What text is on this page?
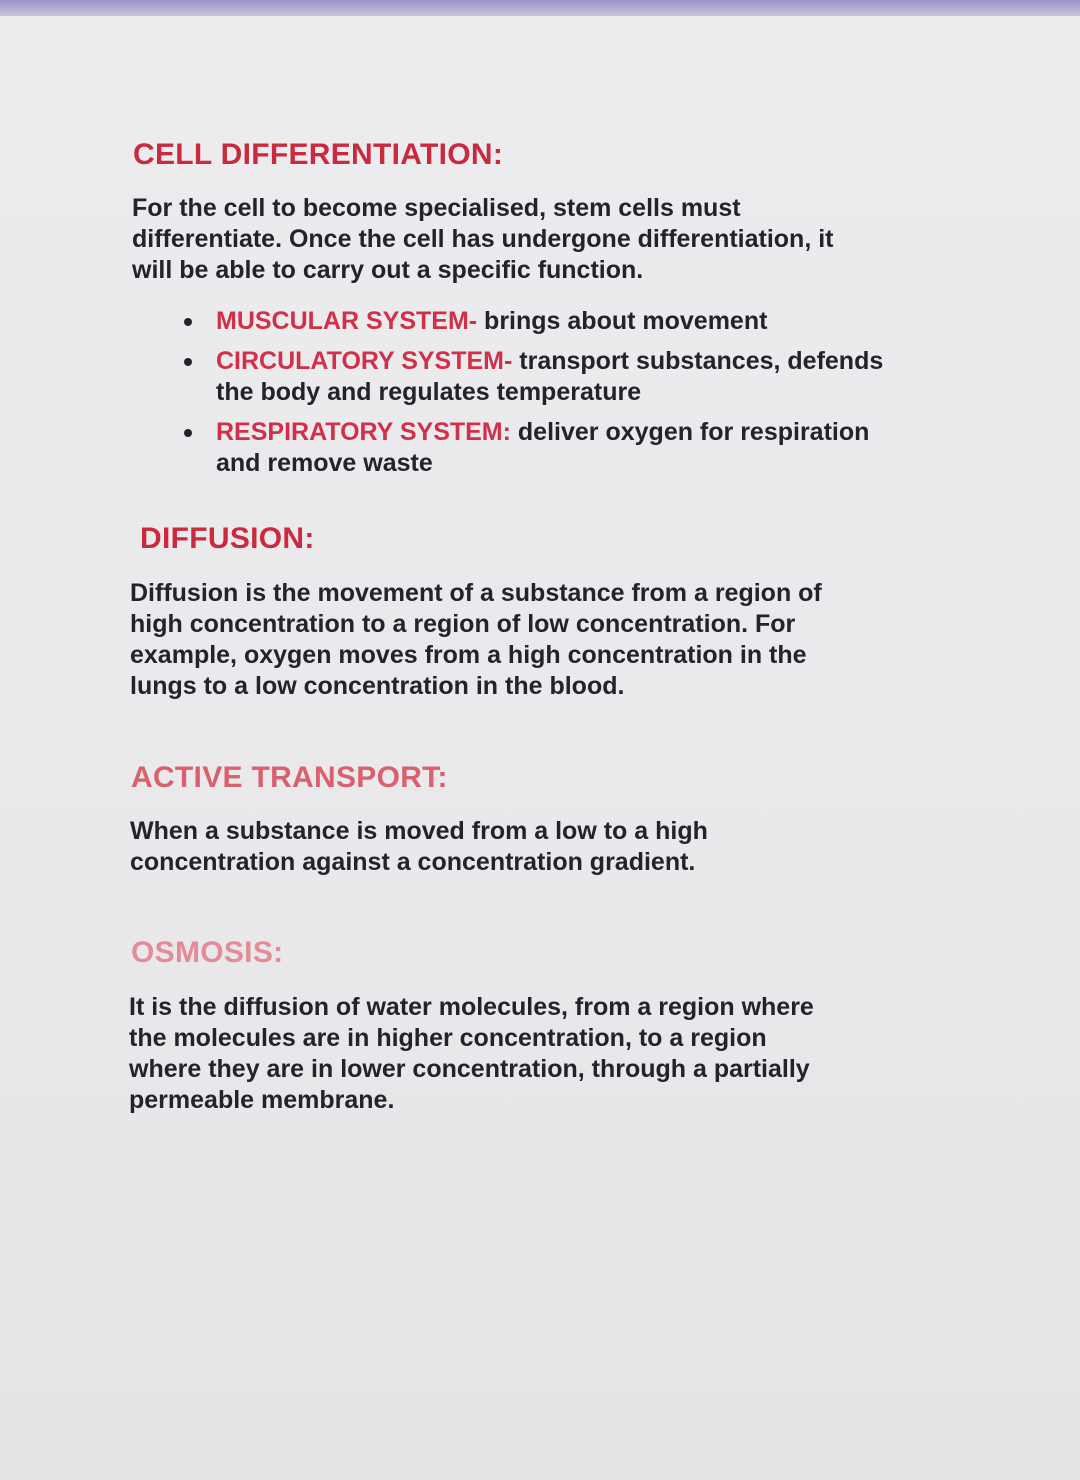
CELL DIFFERENTIATION:
For the cell to become specialised, stem cells must
differentiate. Once the cell has undergone differentiation, it
will be able to carry out a specific function.
MUSCULAR SYSTEM- brings about movement
CIRCULATORY SYSTEM- transport substances, defends
the body and regulates temperature
RESPIRATORY SYSTEM: deliver oxygen for respiration
and remove waste
DIFFUSION:
Diffusion is the movement of a substance from a region of
high concentration to a region of low concentration. For
example, oxygen moves from a high concentration in the
lungs to a low concentration in the blood.
ACTIVE TRANSPORT:
When a substance is moved from a low to a high
concentration against a concentration gradient.
OSMOSIS:
It is the diffusion of water molecules, from a region where
the molecules are in higher concentration, to a region
where they are in lower concentration, through a partially
permeable membrane.
